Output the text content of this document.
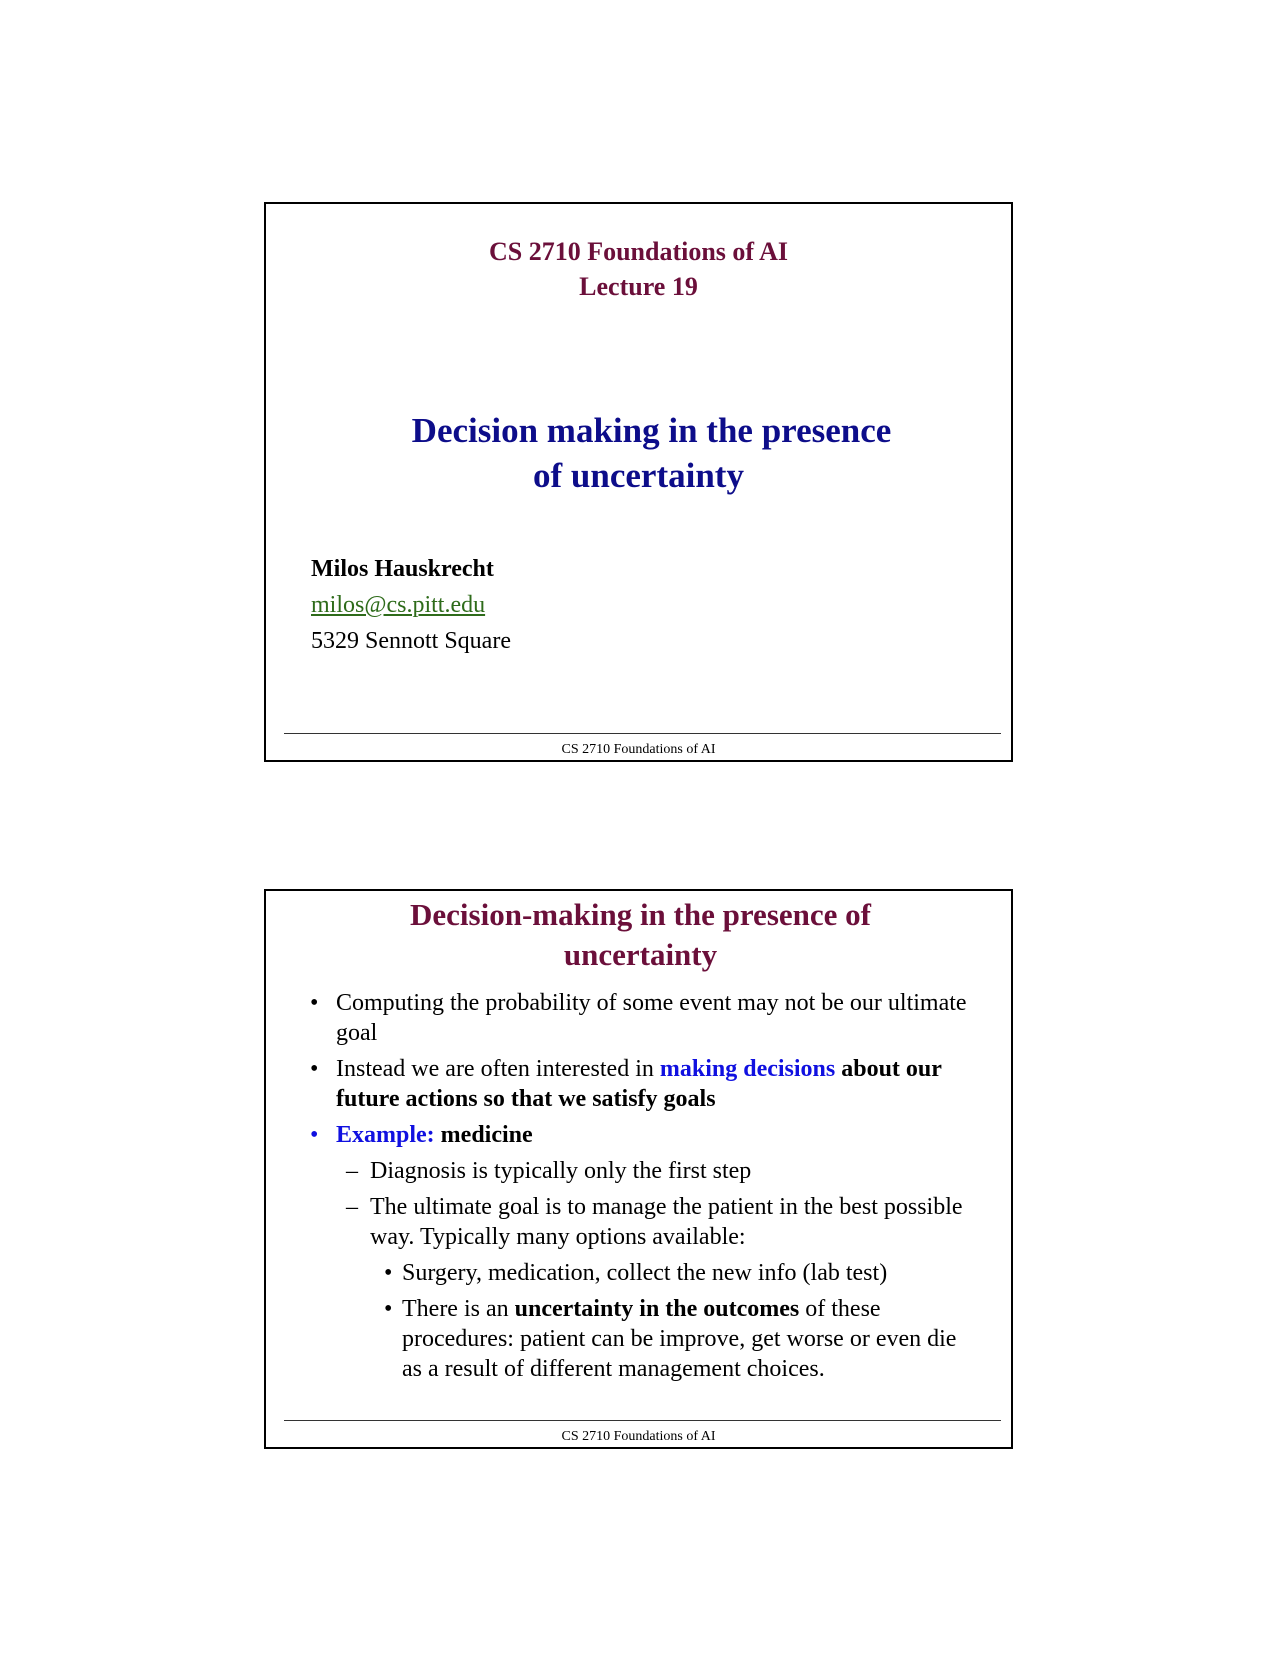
CS 2710 Foundations of AI
Lecture 19
Decision making in the presence
of uncertainty
Milos Hauskrecht
milos@cs.pitt.edu
5329 Sennott Square
CS 2710 Foundations of AI
Decision-making in the presence of
uncertainty
• Computing the probability of some event may not be our ultimate goal
• Instead we are often interested in making decisions about our future actions so that we satisfy goals
• Example: medicine
– Diagnosis is typically only the first step
– The ultimate goal is to manage the patient in the best possible way. Typically many options available:
• Surgery, medication, collect the new info (lab test)
• There is an uncertainty in the outcomes of these procedures: patient can be improve, get worse or even die as a result of different management choices.
CS 2710 Foundations of AI
